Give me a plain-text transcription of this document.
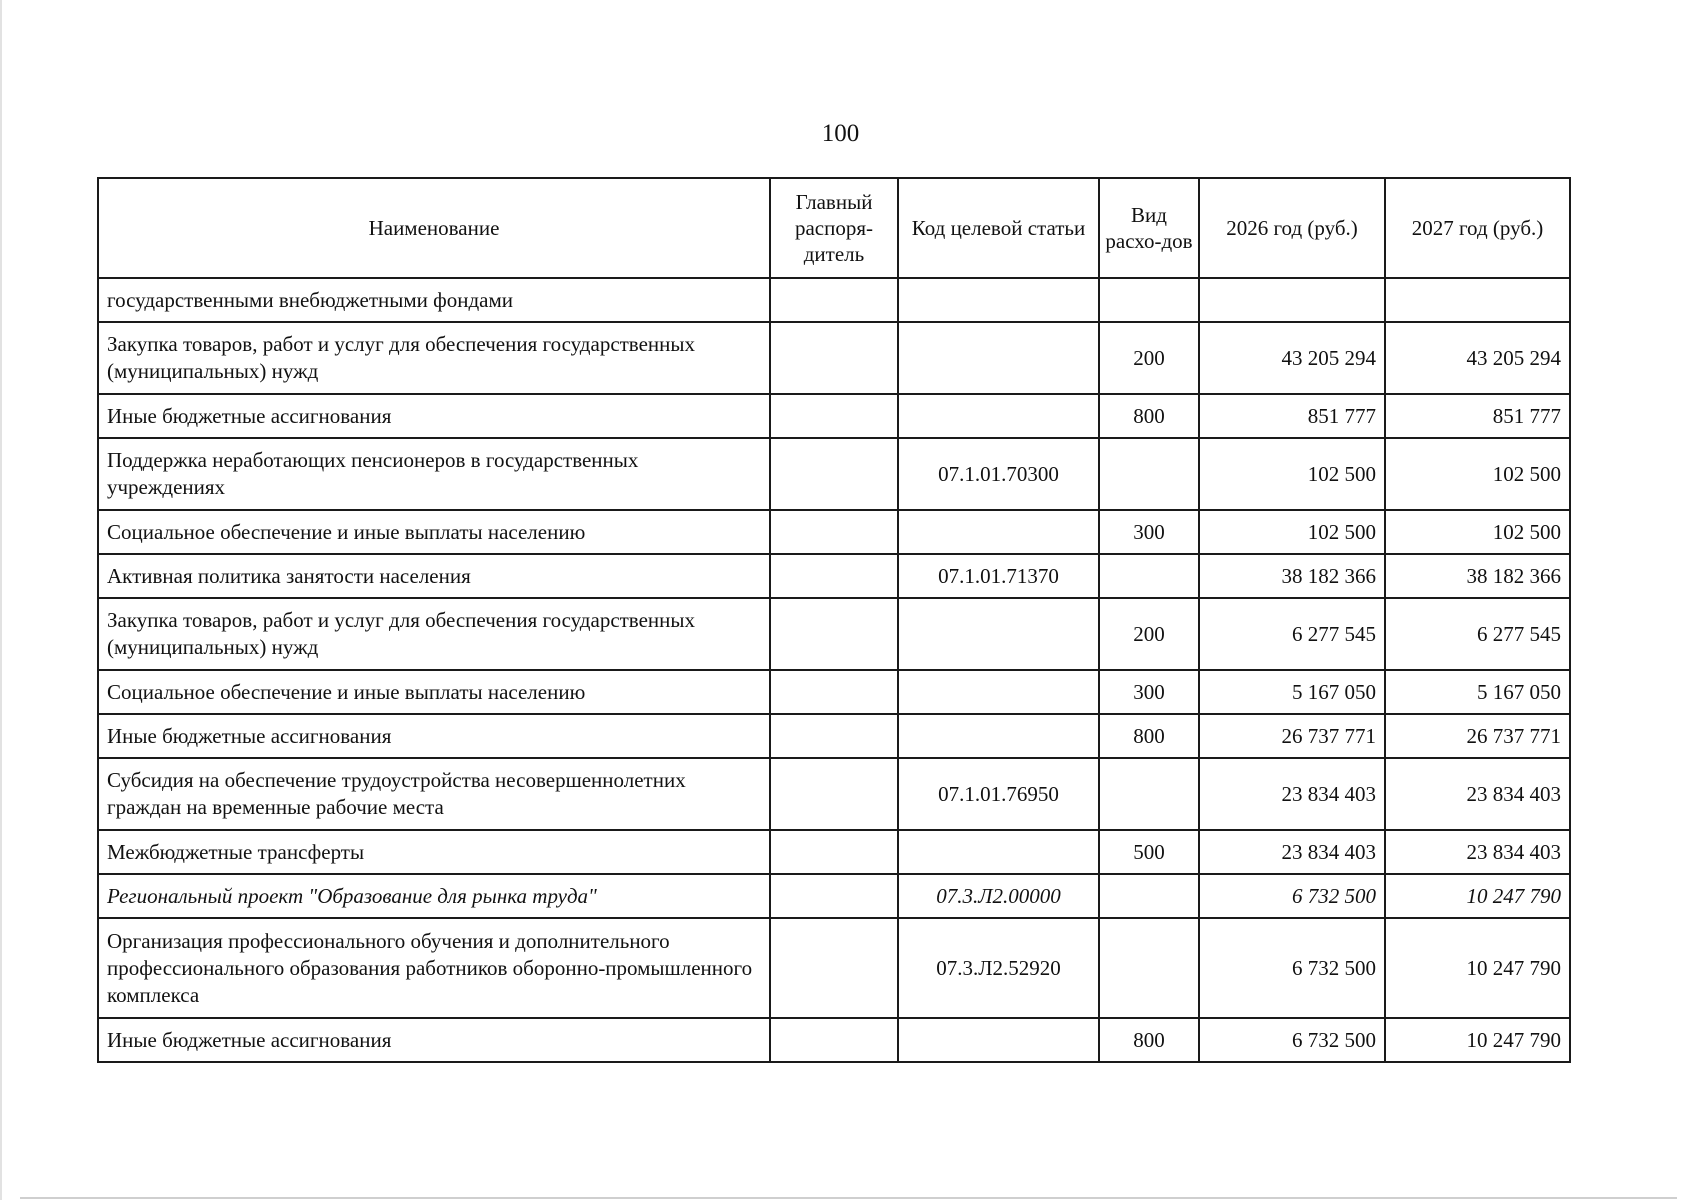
100
Наименование	Главный распоря-дитель	Код целевой статьи	Вид расхо-дов	2026 год (руб.)	2027 год (руб.)
государственными внебюджетными фондами					
Закупка товаров, работ и услуг для обеспечения государственных (муниципальных) нужд			200	43 205 294	43 205 294
Иные бюджетные ассигнования			800	851 777	851 777
Поддержка неработающих пенсионеров в государственных учреждениях		07.1.01.70300		102 500	102 500
Социальное обеспечение и иные выплаты населению			300	102 500	102 500
Активная политика занятости населения		07.1.01.71370		38 182 366	38 182 366
Закупка товаров, работ и услуг для обеспечения государственных (муниципальных) нужд			200	6 277 545	6 277 545
Социальное обеспечение и иные выплаты населению			300	5 167 050	5 167 050
Иные бюджетные ассигнования			800	26 737 771	26 737 771
Субсидия на обеспечение трудоустройства несовершеннолетних граждан на временные рабочие места		07.1.01.76950		23 834 403	23 834 403
Межбюджетные трансферты			500	23 834 403	23 834 403
Региональный проект "Образование для рынка труда"		07.3.Л2.00000		6 732 500	10 247 790
Организация профессионального обучения и дополнительного профессионального образования работников оборонно-промышленного комплекса		07.3.Л2.52920		6 732 500	10 247 790
Иные бюджетные ассигнования			800	6 732 500	10 247 790
